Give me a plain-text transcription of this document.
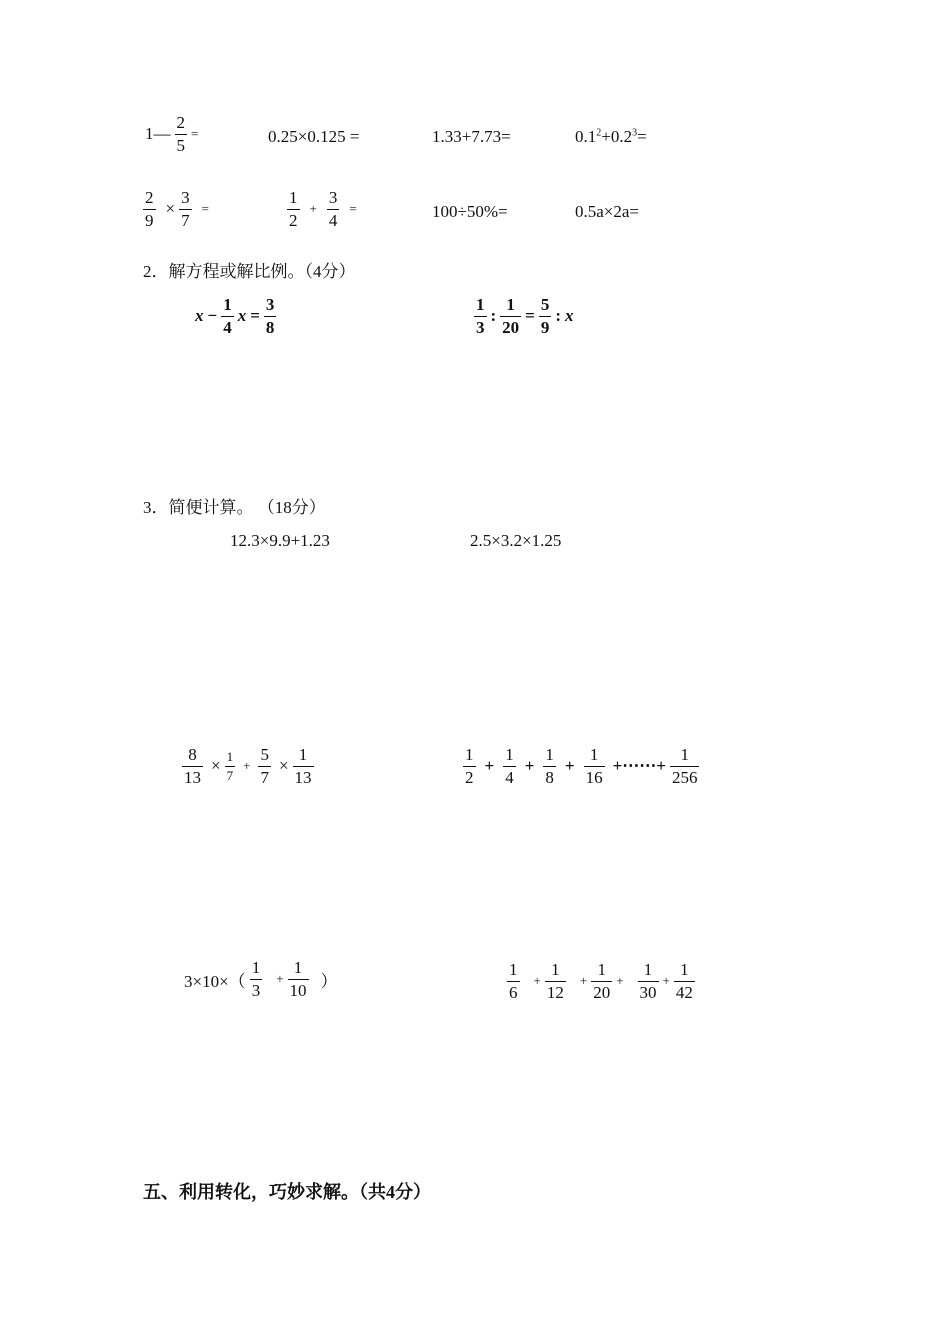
1— $\frac{2}{5}$ =	0.25×0.125 =	1.33+7.73=	$0.1^2+0.2^3=$
$\frac{2}{9} \times \frac{3}{7}$ =	$\frac{1}{2} + \frac{3}{4}$ =	100÷50%=	0.5a×2a=
2．解方程或解比例。（4分）
$x - \frac{1}{4}$ $x = \frac{3}{8}$	$\frac{1}{3}$ : $\frac{1}{20} = \frac{5}{9}$ : x
3．简便计算。 （18分）
12.3×9.9+1.23	2.5×3.2×1.25
$\frac{8}{13} \times \frac{1}{7} + \frac{5}{7} \times \frac{1}{13}$	$\frac{1}{2} + \frac{1}{4} + \frac{1}{8} + \frac{1}{16}$ +⋯⋯+ $\frac{1}{256}$
$3\times 10\times( \frac{1}{3} + \frac{1}{10}$ ）	$\frac{1}{6} + \frac{1}{12} + \frac{1}{20} + \frac{1}{30} + \frac{1}{42}$
五、利用转化，巧妙求解。（共4分）
